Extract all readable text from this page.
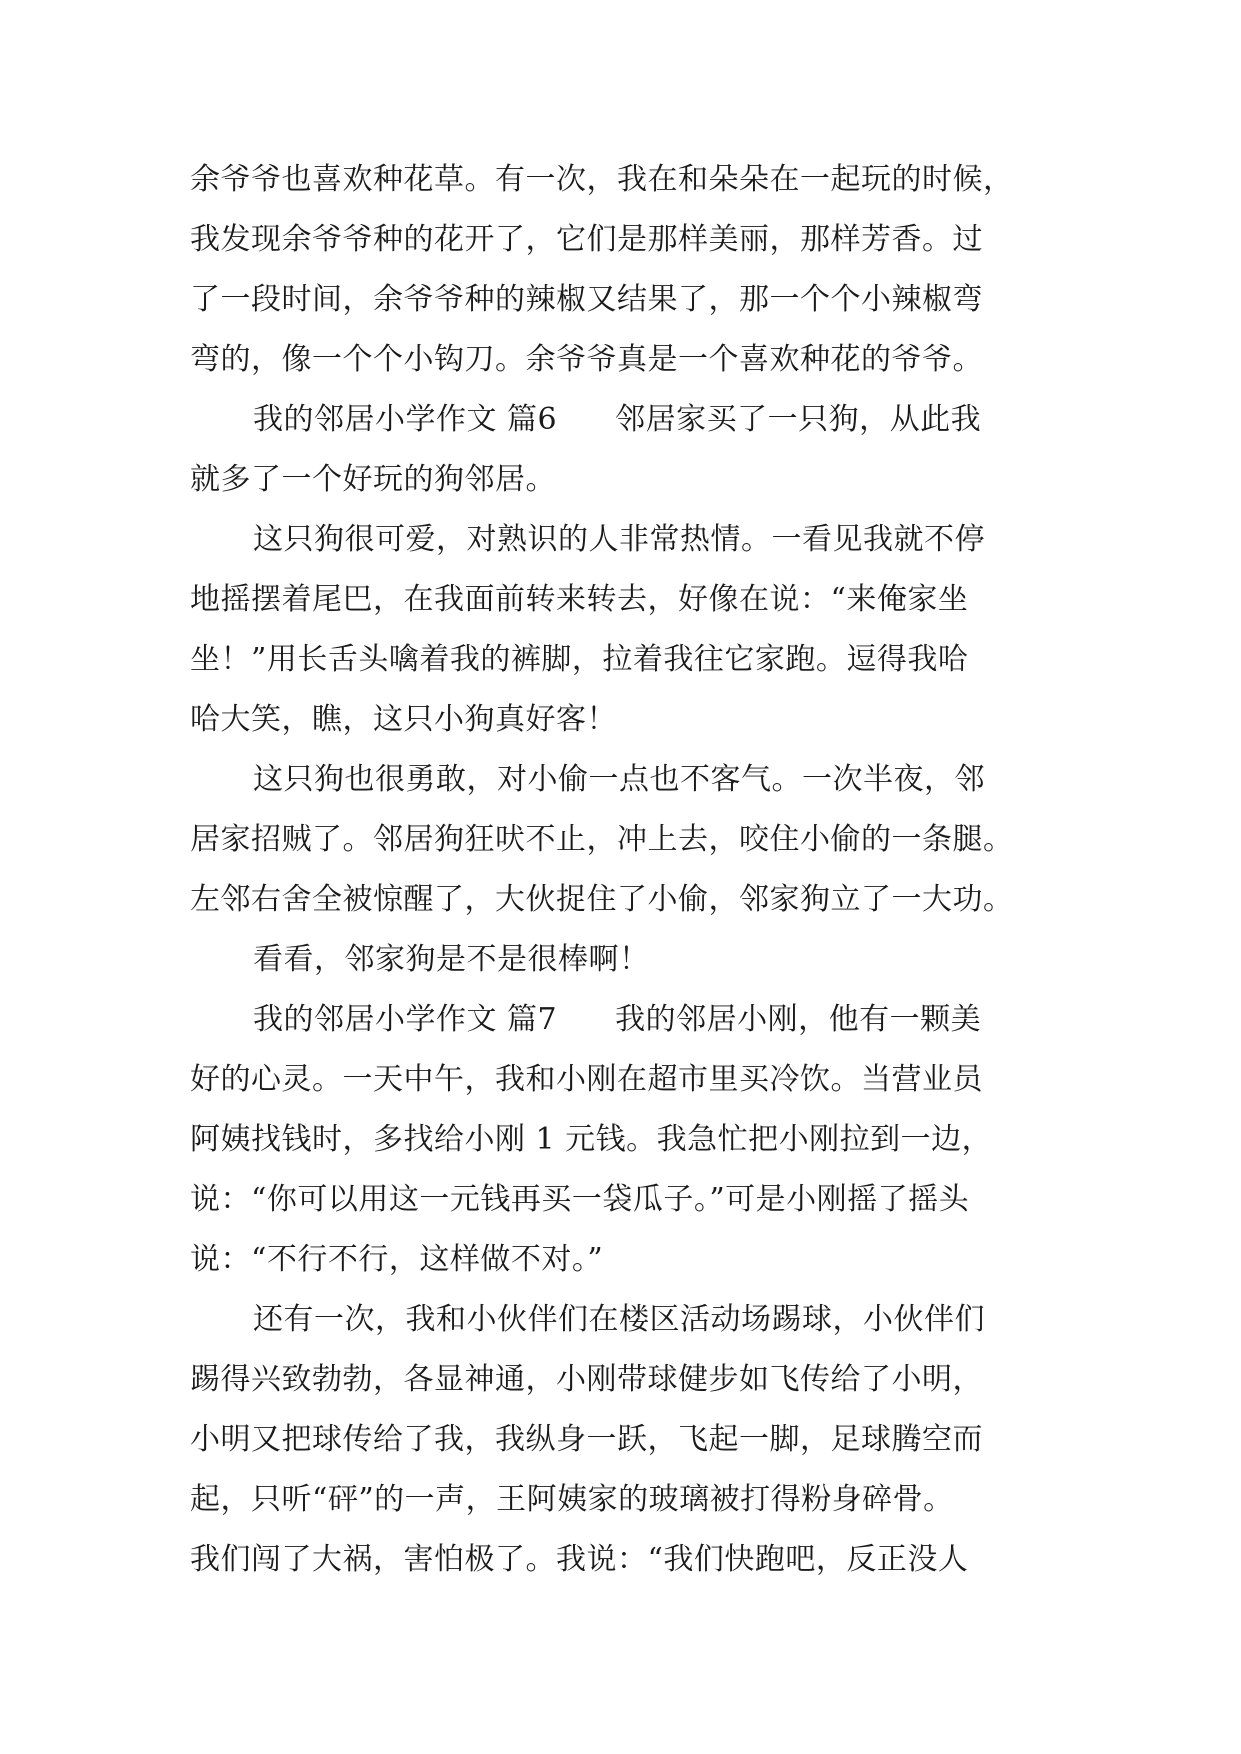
余爷爷也喜欢种花草。有一次，我在和朵朵在一起玩的时候，
我发现余爷爷种的花开了，它们是那样美丽，那样芳香。过
了一段时间，余爷爷种的辣椒又结果了，那一个个小辣椒弯
弯的，像一个个小钩刀。余爷爷真是一个喜欢种花的爷爷。
我的邻居小学作文 篇6 邻居家买了一只狗，从此我
就多了一个好玩的狗邻居。
这只狗很可爱，对熟识的人非常热情。一看见我就不停
地摇摆着尾巴，在我面前转来转去，好像在说：“来俺家坐
坐！”用长舌头噙着我的裤脚，拉着我往它家跑。逗得我哈
哈大笑，瞧，这只小狗真好客！
这只狗也很勇敢，对小偷一点也不客气。一次半夜，邻
居家招贼了。邻居狗狂吠不止，冲上去，咬住小偷的一条腿。
左邻右舍全被惊醒了，大伙捉住了小偷，邻家狗立了一大功。
看看，邻家狗是不是很棒啊！
我的邻居小学作文 篇7 我的邻居小刚，他有一颗美
好的心灵。一天中午，我和小刚在超市里买冷饮。当营业员
阿姨找钱时，多找给小刚 1 元钱。我急忙把小刚拉到一边，
说：“你可以用这一元钱再买一袋瓜子。”可是小刚摇了摇头
说：“不行不行，这样做不对。”
还有一次，我和小伙伴们在楼区活动场踢球，小伙伴们
踢得兴致勃勃，各显神通，小刚带球健步如飞传给了小明，
小明又把球传给了我，我纵身一跃，飞起一脚，足球腾空而
起，只听“砰”的一声，王阿姨家的玻璃被打得粉身碎骨。
我们闯了大祸，害怕极了。我说：“我们快跑吧，反正没人
